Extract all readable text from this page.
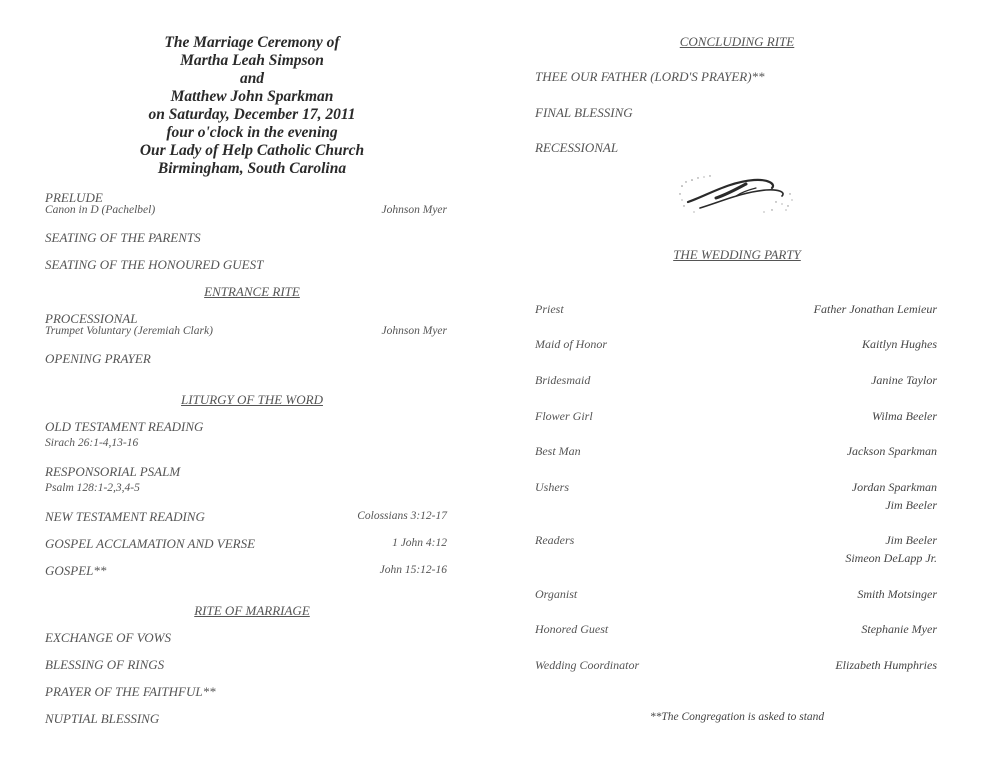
The Marriage Ceremony of
Martha Leah Simpson
and
Matthew John Sparkman
on Saturday, December 17, 2011
four o'clock in the evening
Our Lady of Help Catholic Church
Birmingham, South Carolina
PRELUDE
Canon in D (Pachelbel)	Johnson Myer
SEATING OF THE PARENTS
SEATING OF THE HONOURED GUEST
ENTRANCE RITE
PROCESSIONAL
Trumpet Voluntary (Jeremiah Clark)	Johnson Myer
OPENING PRAYER
LITURGY OF THE WORD
OLD TESTAMENT READING
Sirach 26:1-4,13-16
RESPONSORIAL PSALM
Psalm 128:1-2,3,4-5
NEW TESTAMENT READING	Colossians 3:12-17
GOSPEL ACCLAMATION AND VERSE	1 John 4:12
GOSPEL**	John 15:12-16
RITE OF MARRIAGE
EXCHANGE OF VOWS
BLESSING OF RINGS
PRAYER OF THE FAITHFUL**
NUPTIAL BLESSING
CONCLUDING RITE
THEE OUR FATHER (LORD'S PRAYER)**
FINAL BLESSING
RECESSIONAL
THE WEDDING PARTY
Priest	Father Jonathan Lemieur
Maid of Honor	Kaitlyn Hughes
Bridesmaid	Janine Taylor
Flower Girl	Wilma Beeler
Best Man	Jackson Sparkman
Ushers	Jordan Sparkman
Jim Beeler
Readers	Jim Beeler
Simeon DeLapp Jr.
Organist	Smith Motsinger
Honored Guest	Stephanie Myer
Wedding Coordinator	Elizabeth Humphries
**The Congregation is asked to stand
